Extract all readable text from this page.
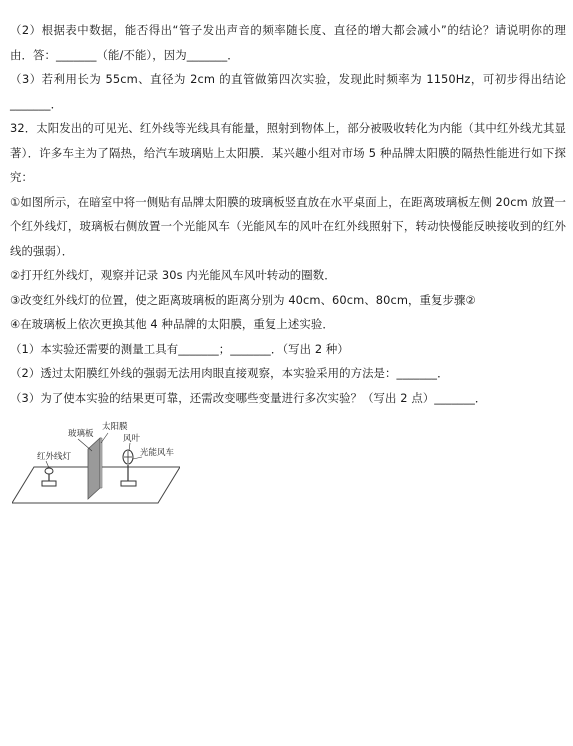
（2）根据表中数据，能否得出“管子发出声音的频率随长度、直径的增大都会减小”的结论？请说明你的理由．答：_______（能/不能），因为_______．

（3）若利用长为 55cm、直径为 2cm 的直管做第四次实验，发现此时频率为 1150Hz，可初步得出结论_______．

32．太阳发出的可见光、红外线等光线具有能量，照射到物体上，部分被吸收转化为内能（其中红外线尤其显著）．许多车主为了隔热，给汽车玻璃贴上太阳膜．某兴趣小组对市场 5 种品牌太阳膜的隔热性能进行如下探究：

①如图所示，在暗室中将一侧贴有品牌太阳膜的玻璃板竖直放在水平桌面上，在距离玻璃板左侧 20cm 放置一个红外线灯，玻璃板右侧放置一个光能风车（光能风车的风叶在红外线照射下，转动快慢能反映接收到的红外线的强弱）．

②打开红外线灯，观察并记录 30s 内光能风车风叶转动的圈数．

③改变红外线灯的位置，使之距离玻璃板的距离分别为 40cm、60cm、80cm，重复步骤②

④在玻璃板上依次更换其他 4 种品牌的太阳膜，重复上述实验．

（1）本实验还需要的测量工具有_______；_______．（写出 2 种）

（2）透过太阳膜红外线的强弱无法用肉眼直接观察，本实验采用的方法是：_______．

（3）为了使本实验的结果更可靠，还需改变哪些变量进行多次实验？（写出 2 点）_______．

玻璃板
太阳膜
红外线灯
风叶
光能风车
